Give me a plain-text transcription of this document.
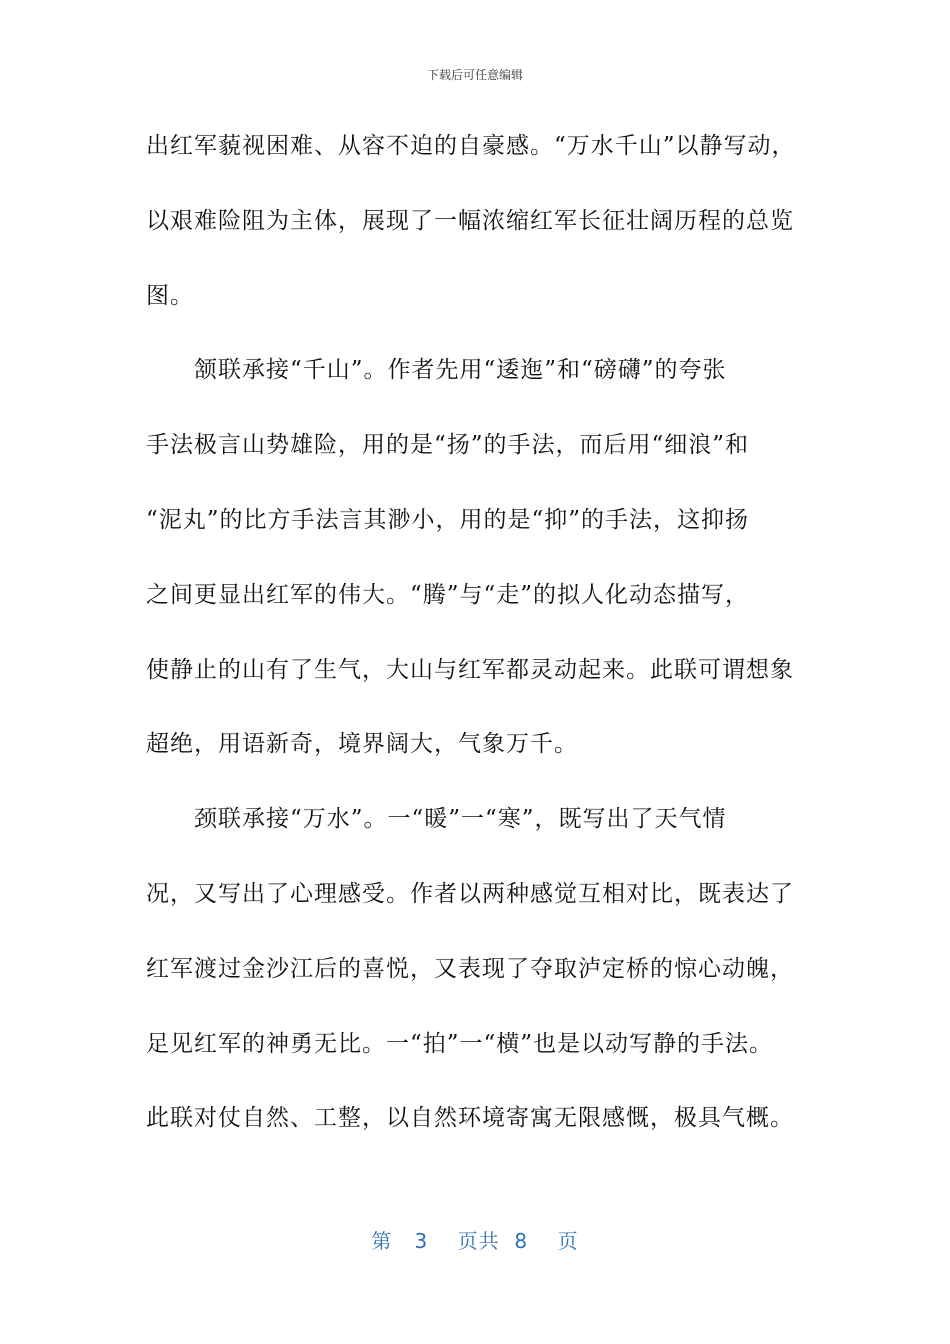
下载后可任意编辑
出红军藐视困难、从容不迫的自豪感。“万水千山”以静写动，
以艰难险阻为主体，展现了一幅浓缩红军长征壮阔历程的总览
图。
颔联承接“千山”。作者先用“逶迤”和“磅礴”的夸张
手法极言山势雄险，用的是“扬”的手法，而后用“细浪”和
“泥丸”的比方手法言其渺小，用的是“抑”的手法，这抑扬
之间更显出红军的伟大。“腾”与“走”的拟人化动态描写，
使静止的山有了生气，大山与红军都灵动起来。此联可谓想象
超绝，用语新奇，境界阔大，气象万千。
颈联承接“万水”。一“暖”一“寒”，既写出了天气情
况，又写出了心理感受。作者以两种感觉互相对比，既表达了
红军渡过金沙江后的喜悦，又表现了夺取泸定桥的惊心动魄，
足见红军的神勇无比。一“拍”一“横”也是以动写静的手法。
此联对仗自然、工整，以自然环境寄寓无限感慨，极具气概。
第 3 页共 8 页
